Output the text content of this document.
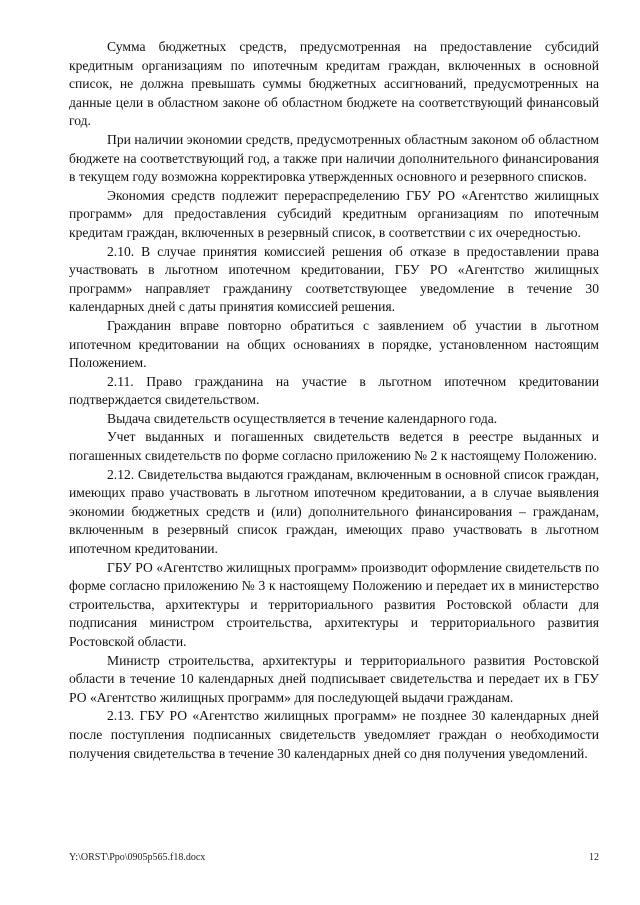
Сумма бюджетных средств, предусмотренная на предоставление субсидий кредитным организациям по ипотечным кредитам граждан, включенных в основной список, не должна превышать суммы бюджетных ассигнований, предусмотренных на данные цели в областном законе об областном бюджете на соответствующий финансовый год.

При наличии экономии средств, предусмотренных областным законом об областном бюджете на соответствующий год, а также при наличии дополнительного финансирования в текущем году возможна корректировка утвержденных основного и резервного списков.

Экономия средств подлежит перераспределению ГБУ РО «Агентство жилищных программ» для предоставления субсидий кредитным организациям по ипотечным кредитам граждан, включенных в резервный список, в соответствии с их очередностью.

2.10. В случае принятия комиссией решения об отказе в предоставлении права участвовать в льготном ипотечном кредитовании, ГБУ РО «Агентство жилищных программ» направляет гражданину соответствующее уведомление в течение 30 календарных дней с даты принятия комиссией решения.

Гражданин вправе повторно обратиться с заявлением об участии в льготном ипотечном кредитовании на общих основаниях в порядке, установленном настоящим Положением.

2.11. Право гражданина на участие в льготном ипотечном кредитовании подтверждается свидетельством.

Выдача свидетельств осуществляется в течение календарного года.

Учет выданных и погашенных свидетельств ведется в реестре выданных и погашенных свидетельств по форме согласно приложению № 2 к настоящему Положению.

2.12. Свидетельства выдаются гражданам, включенным в основной список граждан, имеющих право участвовать в льготном ипотечном кредитовании, а в случае выявления экономии бюджетных средств и (или) дополнительного финансирования – гражданам, включенным в резервный список граждан, имеющих право участвовать в льготном ипотечном кредитовании.

ГБУ РО «Агентство жилищных программ» производит оформление свидетельств по форме согласно приложению № 3 к настоящему Положению и передает их в министерство строительства, архитектуры и территориального развития Ростовской области для подписания министром строительства, архитектуры и территориального развития Ростовской области.

Министр строительства, архитектуры и территориального развития Ростовской области в течение 10 календарных дней подписывает свидетельства и передает их в ГБУ РО «Агентство жилищных программ» для последующей выдачи гражданам.

2.13. ГБУ РО «Агентство жилищных программ» не позднее 30 календарных дней после поступления подписанных свидетельств уведомляет граждан о необходимости получения свидетельства в течение 30 календарных дней со дня получения уведомлений.

Y:\ORST\Ppo\0905p565.f18.docx	12
